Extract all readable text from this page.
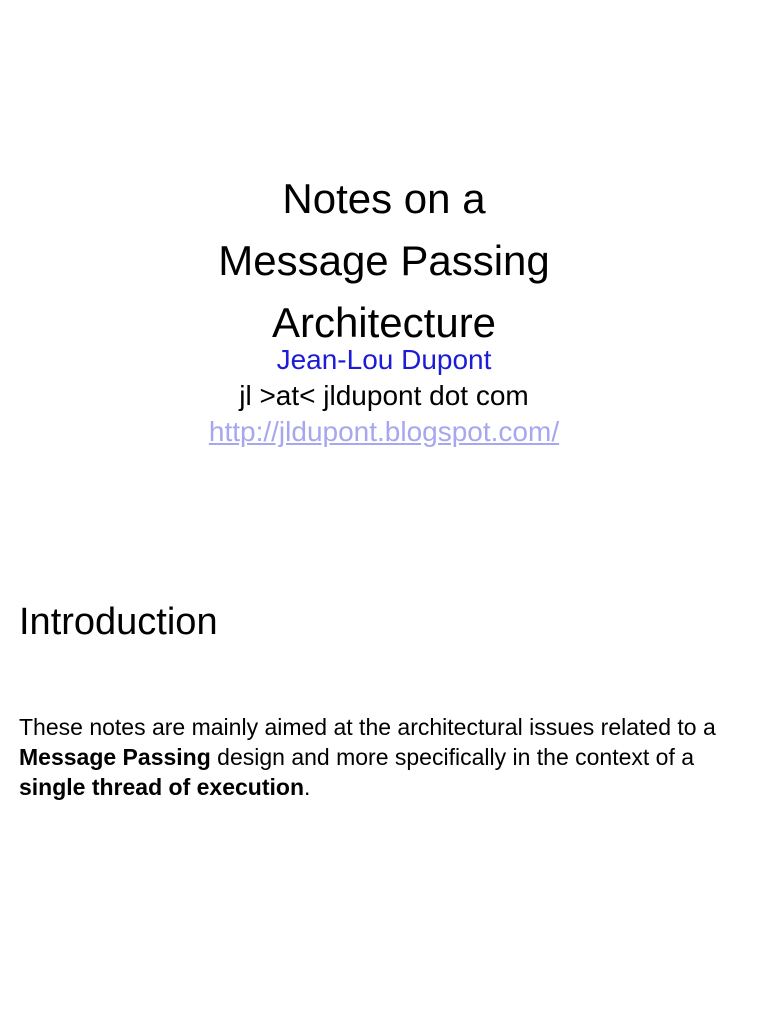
Notes on a
Message Passing
Architecture
Jean-Lou Dupont
jl >at< jldupont dot com
http://jldupont.blogspot.com/
Introduction

These notes are mainly aimed at the architectural issues related to a Message Passing design and more specifically in the context of a single thread of execution.
